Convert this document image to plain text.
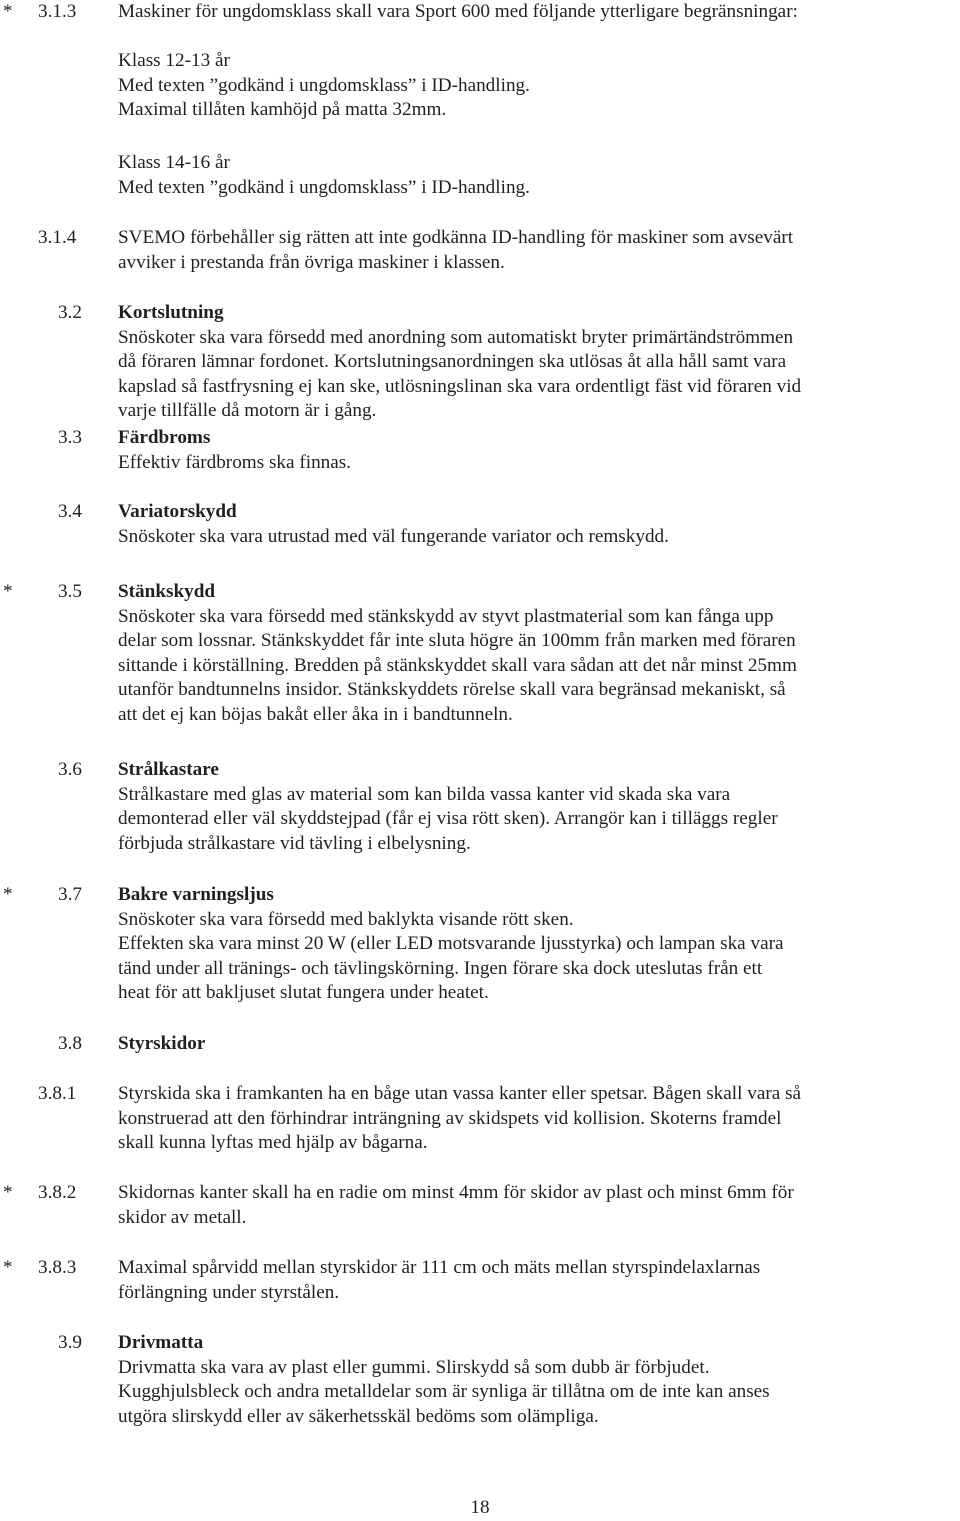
* 3.1.3 Maskiner för ungdomsklass skall vara Sport 600 med följande ytterligare begränsningar:
Klass 12-13 år
Med texten ”godkänd i ungdomsklass” i ID-handling.
Maximal tillåten kamhöjd på matta 32mm.
Klass 14-16 år
Med texten ”godkänd i ungdomsklass” i ID-handling.
3.1.4 SVEMO förbehåller sig rätten att inte godkänna ID-handling för maskiner som avsevärt
avviker i prestanda från övriga maskiner i klassen.
3.2 Kortslutning
Snöskoter ska vara försedd med anordning som automatiskt bryter primärtändströmmen
då föraren lämnar fordonet. Kortslutningsanordningen ska utlösas åt alla håll samt vara
kapslad så fastfrysning ej kan ske, utlösningslinan ska vara ordentligt fäst vid föraren vid
varje tillfälle då motorn är i gång.
3.3 Färdbroms
Effektiv färdbroms ska finnas.
3.4 Variatorskydd
Snöskoter ska vara utrustad med väl fungerande variator och remskydd.
* 3.5 Stänkskydd
Snöskoter ska vara försedd med stänkskydd av styvt plastmaterial som kan fånga upp
delar som lossnar. Stänkskyddet får inte sluta högre än 100mm från marken med föraren
sittande i körställning. Bredden på stänkskyddet skall vara sådan att det når minst 25mm
utanför bandtunnelns insidor. Stänkskyddets rörelse skall vara begränsad mekaniskt, så
att det ej kan böjas bakåt eller åka in i bandtunneln.
3.6 Strålkastare
Strålkastare med glas av material som kan bilda vassa kanter vid skada ska vara
demonterad eller väl skyddstejpad (får ej visa rött sken). Arrangör kan i tilläggs regler
förbjuda strålkastare vid tävling i elbelysning.
* 3.7 Bakre varningsljus
Snöskoter ska vara försedd med baklykta visande rött sken.
Effekten ska vara minst 20 W (eller LED motsvarande ljusstyrka) och lampan ska vara
tänd under all tränings- och tävlingskörning. Ingen förare ska dock uteslutas från ett
heat för att bakljuset slutat fungera under heatet.
3.8 Styrskidor
3.8.1 Styrskida ska i framkanten ha en båge utan vassa kanter eller spetsar. Bågen skall vara så
konstruerad att den förhindrar inträngning av skidspets vid kollision. Skoterns framdel
skall kunna lyftas med hjälp av bågarna.
* 3.8.2 Skidornas kanter skall ha en radie om minst 4mm för skidor av plast och minst 6mm för
skidor av metall.
* 3.8.3 Maximal spårvidd mellan styrskidor är 111 cm och mäts mellan styrspindelaxlarnas
förlängning under styrstålen.
3.9 Drivmatta
Drivmatta ska vara av plast eller gummi. Slirskydd så som dubb är förbjudet.
Kugghjulsbleck och andra metalldelar som är synliga är tillåtna om de inte kan anses
utgöra slirskydd eller av säkerhetsskäl bedöms som olämpliga.
18
